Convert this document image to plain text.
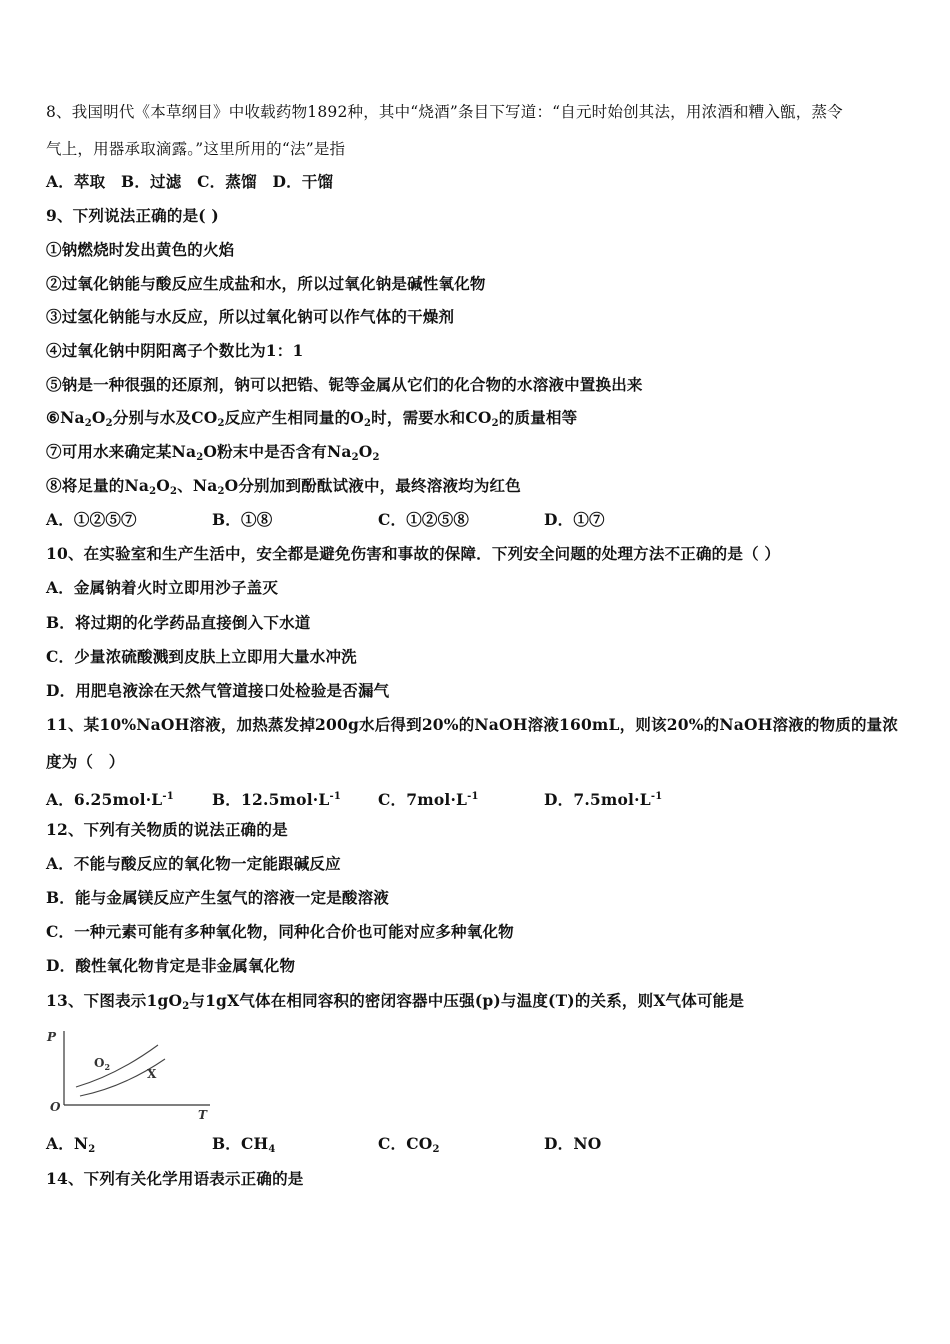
8、我国明代《本草纲目》中收载药物1892种，其中“烧酒”条目下写道：“自元时始创其法，用浓酒和糟入甑，蒸令
气上，用器承取滴露。”这里所用的“法”是指
A．萃取　B．过滤　C．蒸馏　D．干馏
9、下列说法正确的是( )
①钠燃烧时发出黄色的火焰
②过氧化钠能与酸反应生成盐和水，所以过氧化钠是碱性氧化物
③过氢化钠能与水反应，所以过氧化钠可以作气体的干燥剂
④过氧化钠中阴阳离子个数比为1：1
⑤钠是一种很强的还原剂，钠可以把锆、铌等金属从它们的化合物的水溶液中置换出来
$⑥Na_2O_2$分别与水及$CO_2$反应产生相同量的$O_2$时，需要水和$CO_2$的质量相等
⑦可用水来确定某$Na_2O$粉末中是否含有$Na_2O_2$
⑧将足量的$Na_2O_2$、$Na_2O$分别加到酚酞试液中，最终溶液均为红色
A．①②⑤⑦	B．①⑧	C．①②⑤⑧	D．①⑦
10、在实验室和生产生活中，安全都是避免伤害和事故的保障．下列安全问题的处理方法不正确的是（ ）
A．金属钠着火时立即用沙子盖灭
B．将过期的化学药品直接倒入下水道
C．少量浓硫酸溅到皮肤上立即用大量水冲洗
D．用肥皂液涂在天然气管道接口处检验是否漏气
11、某10%NaOH溶液，加热蒸发掉200g水后得到20%的NaOH溶液160mL，则该20%的NaOH溶液的物质的量浓
度为（　）
A．$6.25mol\cdot L^{-1}$ B．$12.5mol\cdot L^{-1}$ C．$7mol\cdot L^{-1}$	D．$7.5mol\cdot L^{-1}$
12、下列有关物质的说法正确的是
A．不能与酸反应的氧化物一定能跟碱反应
B．能与金属镁反应产生氢气的溶液一定是酸溶液
C．一种元素可能有多种氧化物，同种化合价也可能对应多种氧化物
D．酸性氧化物肯定是非金属氧化物
13、下图表示$1gO_2$与1gX气体在相同容积的密闭容器中压强(p)与温度(T)的关系，则X气体可能是
P
T
O
$O_2$	X
A．$N_2$	B．$CH_4$	C．$CO_2$	D．NO
14、下列有关化学用语表示正确的是
